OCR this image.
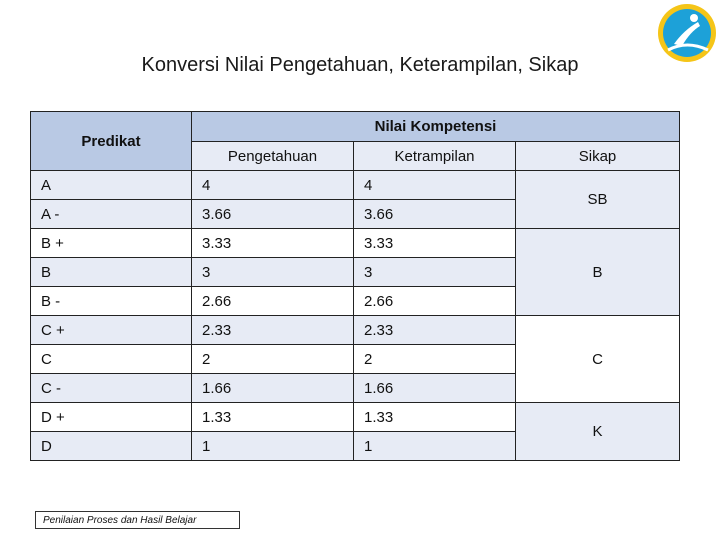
Konversi Nilai Pengetahuan, Keterampilan, Sikap
Predikat	Nilai Kompetensi		
	Pengetahuan	Ketrampilan	Sikap
A	4	4	SB
A -	3.66	3.66	
B +	3.33	3.33	B
B	3	3	
B -	2.66	2.66	
C +	2.33	2.33	C
C	2	2	
C -	1.66	1.66	
D +	1.33	1.33	K
D	1	1	
Penilaian Proses dan Hasil Belajar
